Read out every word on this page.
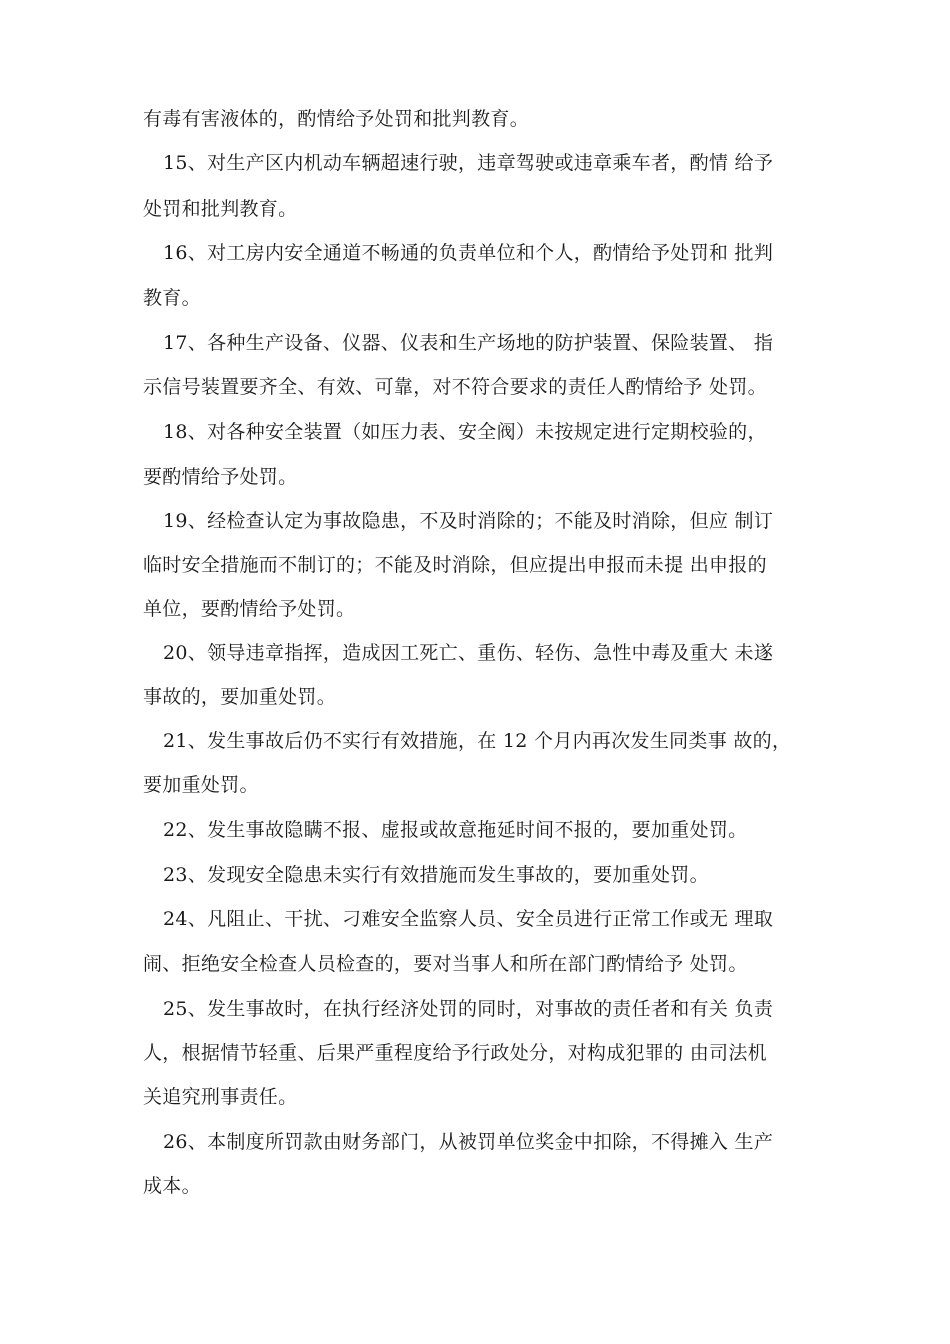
有毒有害液体的，酌情给予处罚和批判教育。
15、对生产区内机动车辆超速行驶，违章驾驶或违章乘车者，酌情 给予
处罚和批判教育。
16、对工房内安全通道不畅通的负责单位和个人，酌情给予处罚和 批判
教育。
17、各种生产设备、仪器、仪表和生产场地的防护装置、保险装置、 指
示信号装置要齐全、有效、可靠，对不符合要求的责任人酌情给予 处罚。
18、对各种安全装置（如压力表、安全阀）未按规定进行定期校验的，
要酌情给予处罚。
19、经检查认定为事故隐患，不及时消除的；不能及时消除，但应 制订
临时安全措施而不制订的；不能及时消除，但应提出申报而未提 出申报的
单位，要酌情给予处罚。
20、领导违章指挥，造成因工死亡、重伤、轻伤、急性中毒及重大 未遂
事故的，要加重处罚。
21、发生事故后仍不实行有效措施，在 12 个月内再次发生同类事 故的，
要加重处罚。
22、发生事故隐瞒不报、虚报或故意拖延时间不报的，要加重处罚。
23、发现安全隐患未实行有效措施而发生事故的，要加重处罚。
24、凡阻止、干扰、刁难安全监察人员、安全员进行正常工作或无 理取
闹、拒绝安全检查人员检查的，要对当事人和所在部门酌情给予 处罚。
25、发生事故时，在执行经济处罚的同时，对事故的责任者和有关 负责
人，根据情节轻重、后果严重程度给予行政处分，对构成犯罪的 由司法机
关追究刑事责任。
26、本制度所罚款由财务部门，从被罚单位奖金中扣除，不得摊入 生产
成本。
